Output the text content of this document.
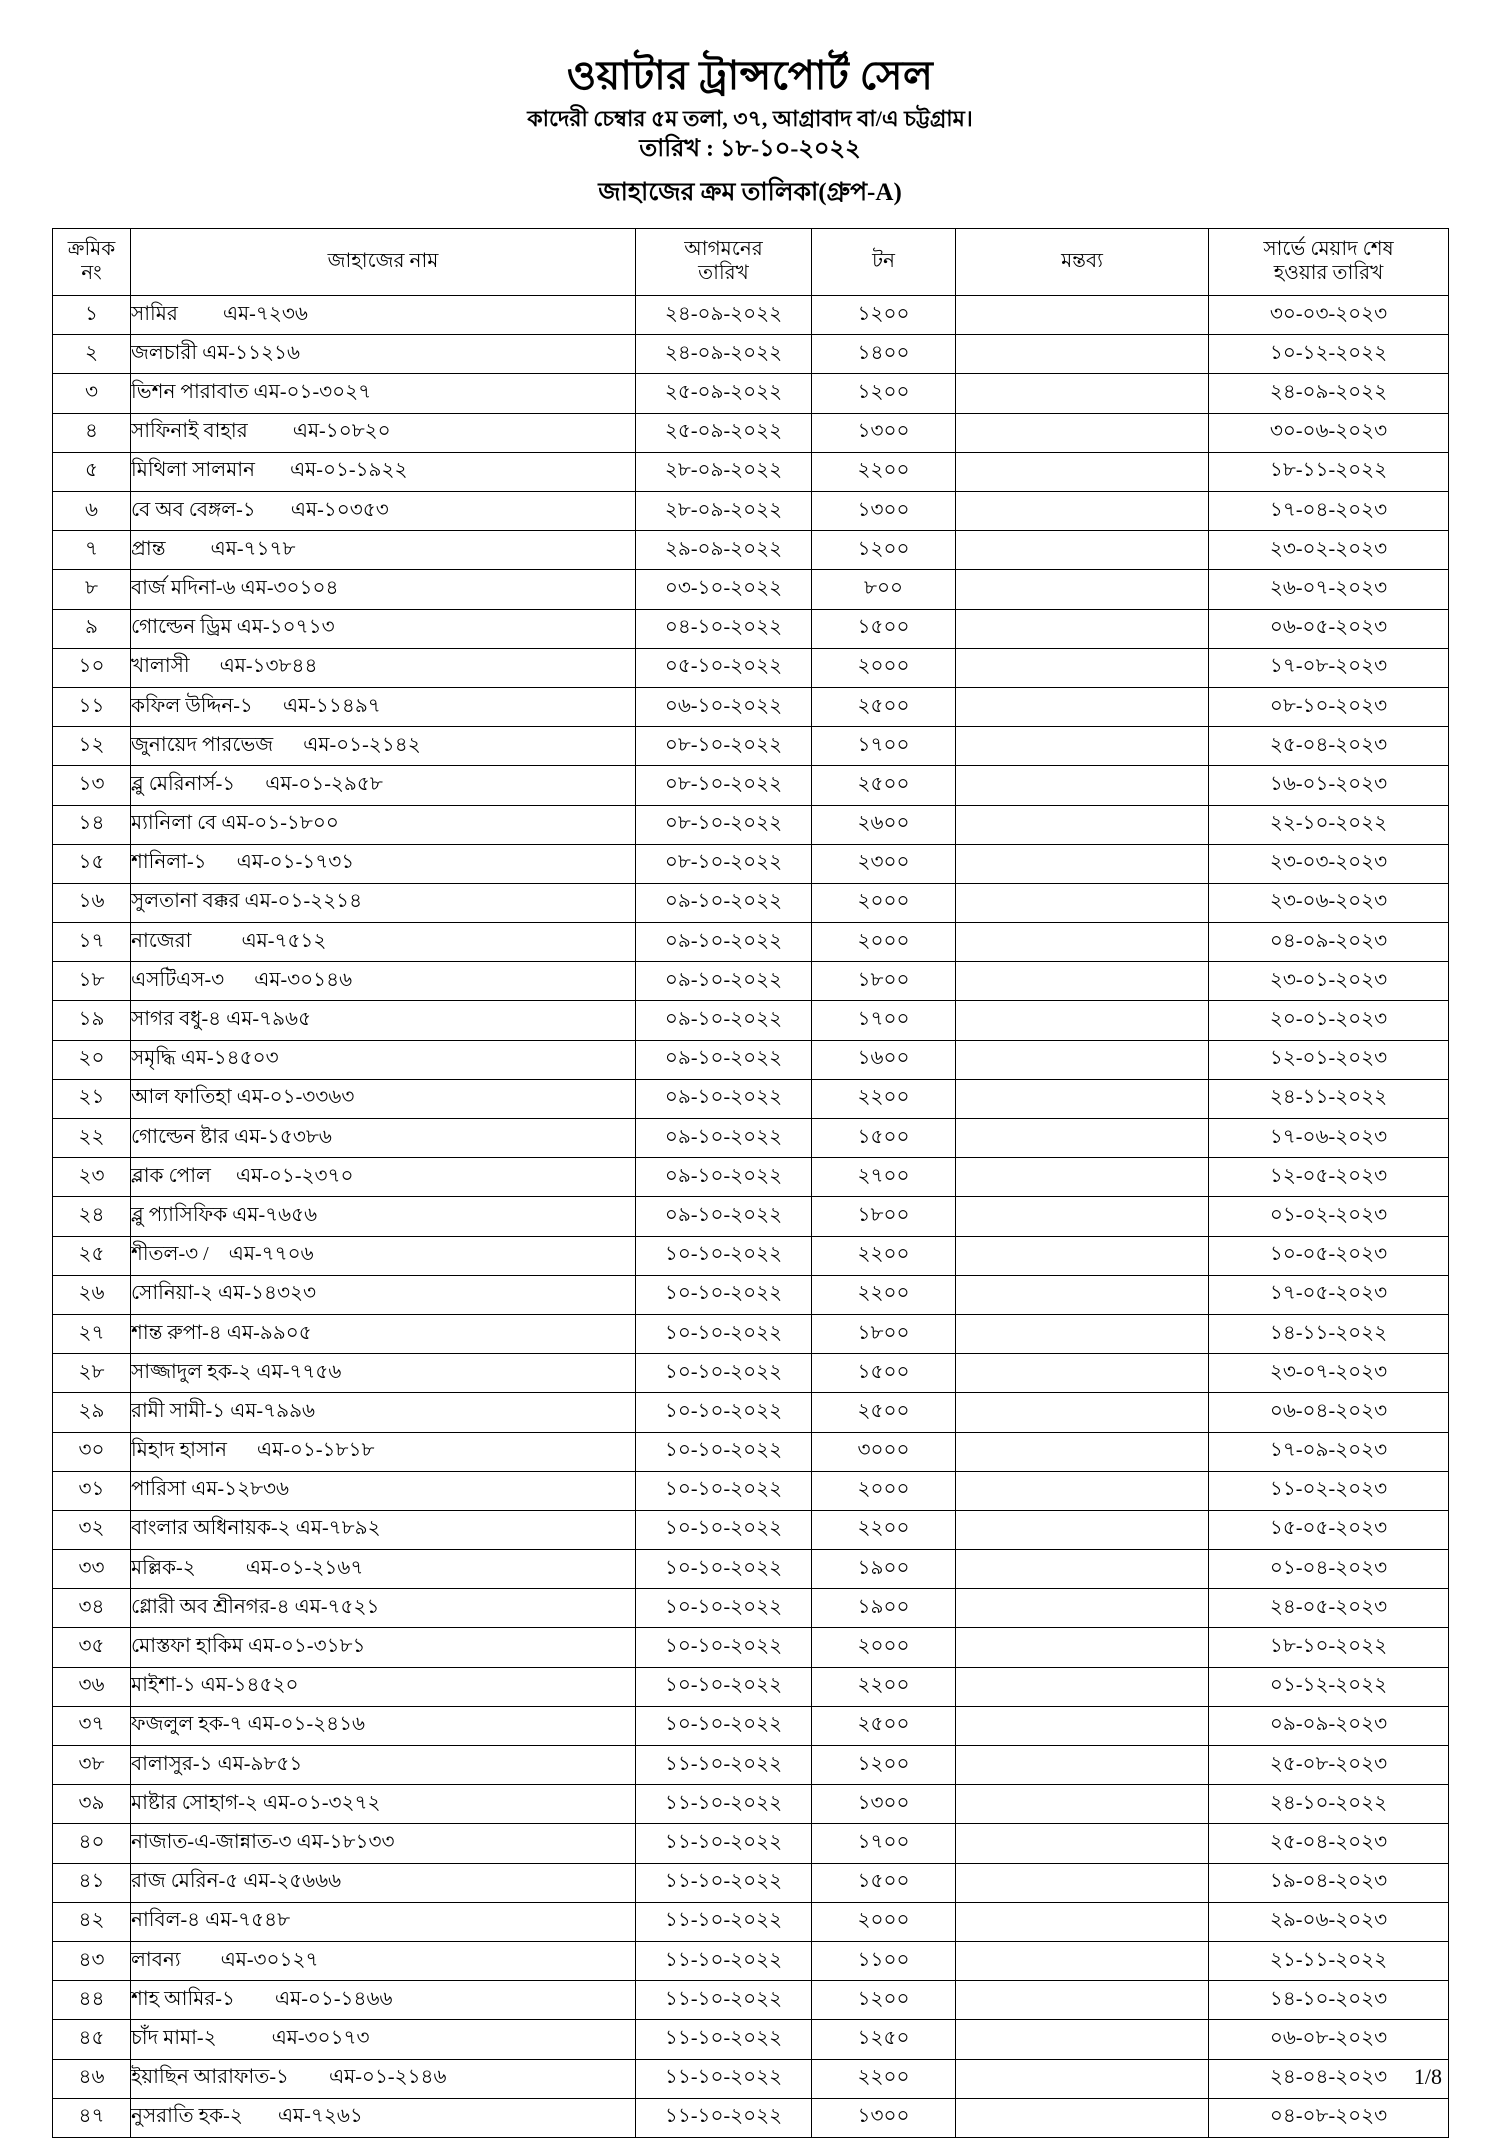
ওয়াটার ট্রান্সপোর্ট সেল
কাদেরী চেম্বার ৫ম তলা, ৩৭, আগ্রাবাদ বা/এ চট্টগ্রাম।
তারিখ : ১৮-১০-২০২২
জাহাজের ক্রম তালিকা(গ্রুপ-A)
ক্রমিক
নং	জাহাজের নাম	আগমনের
তারিখ	টন	মন্তব্য	সার্ভে মেয়াদ শেষ
হওয়ার তারিখ

১	সামির         এম-৭২৩৬	২৪-০৯-২০২২	১২০০		৩০-০৩-২০২৩
২	জলচারী এম-১১২১৬	২৪-০৯-২০২২	১৪০০		১০-১২-২০২২
৩	ভিশন পারাবাত এম-০১-৩০২৭	২৫-০৯-২০২২	১২০০		২৪-০৯-২০২২
৪	সাফিনাই বাহার         এম-১০৮২০	২৫-০৯-২০২২	১৩০০		৩০-০৬-২০২৩
৫	মিথিলা সালমান       এম-০১-১৯২২	২৮-০৯-২০২২	২২০০		১৮-১১-২০২২
৬	বে অব বেঙ্গল-১       এম-১০৩৫৩	২৮-০৯-২০২২	১৩০০		১৭-০৪-২০২৩
৭	প্রান্ত         এম-৭১৭৮	২৯-০৯-২০২২	১২০০		২৩-০২-২০২৩
৮	বার্জ মদিনা-৬ এম-৩০১০৪	০৩-১০-২০২২	৮০০		২৬-০৭-২০২৩
৯	গোল্ডেন ড্রিম এম-১০৭১৩	০৪-১০-২০২২	১৫০০		০৬-০৫-২০২৩
১০	খালাসী      এম-১৩৮৪৪	০৫-১০-২০২২	২০০০		১৭-০৮-২০২৩
১১	কফিল উদ্দিন-১      এম-১১৪৯৭	০৬-১০-২০২২	২৫০০		০৮-১০-২০২৩
১২	জুনায়েদ পারভেজ      এম-০১-২১৪২	০৮-১০-২০২২	১৭০০		২৫-০৪-২০২৩
১৩	ব্লু মেরিনার্স-১      এম-০১-২৯৫৮	০৮-১০-২০২২	২৫০০		১৬-০১-২০২৩
১৪	ম্যানিলা বে এম-০১-১৮০০	০৮-১০-২০২২	২৬০০		২২-১০-২০২২
১৫	শানিলা-১      এম-০১-১৭৩১	০৮-১০-২০২২	২৩০০		২৩-০৩-২০২৩
১৬	সুলতানা বক্কর এম-০১-২২১৪	০৯-১০-২০২২	২০০০		২৩-০৬-২০২৩
১৭	নাজেরা          এম-৭৫১২	০৯-১০-২০২২	২০০০		০৪-০৯-২০২৩
১৮	এসটিএস-৩      এম-৩০১৪৬	০৯-১০-২০২২	১৮০০		২৩-০১-২০২৩
১৯	সাগর বধু-৪ এম-৭৯৬৫	০৯-১০-২০২২	১৭০০		২০-০১-২০২৩
২০	সমৃদ্ধি এম-১৪৫০৩	০৯-১০-২০২২	১৬০০		১২-০১-২০২৩
২১	আল ফাতিহা এম-০১-৩৩৬৩	০৯-১০-২০২২	২২০০		২৪-১১-২০২২
২২	গোল্ডেন ষ্টার এম-১৫৩৮৬	০৯-১০-২০২২	১৫০০		১৭-০৬-২০২৩
২৩	ব্লাক পোল     এম-০১-২৩৭০	০৯-১০-২০২২	২৭০০		১২-০৫-২০২৩
২৪	ব্লু প্যাসিফিক এম-৭৬৫৬	০৯-১০-২০২২	১৮০০		০১-০২-২০২৩
২৫	শীতল-৩ /    এম-৭৭০৬	১০-১০-২০২২	২২০০		১০-০৫-২০২৩
২৬	সোনিয়া-২ এম-১৪৩২৩	১০-১০-২০২২	২২০০		১৭-০৫-২০২৩
২৭	শান্ত রুপা-৪ এম-৯৯০৫	১০-১০-২০২২	১৮০০		১৪-১১-২০২২
২৮	সাজ্জাদুল হক-২ এম-৭৭৫৬	১০-১০-২০২২	১৫০০		২৩-০৭-২০২৩
২৯	রামী সামী-১ এম-৭৯৯৬	১০-১০-২০২২	২৫০০		০৬-০৪-২০২৩
৩০	মিহাদ হাসান      এম-০১-১৮১৮	১০-১০-২০২২	৩০০০		১৭-০৯-২০২৩
৩১	পারিসা এম-১২৮৩৬	১০-১০-২০২২	২০০০		১১-০২-২০২৩
৩২	বাংলার অধিনায়ক-২ এম-৭৮৯২	১০-১০-২০২২	২২০০		১৫-০৫-২০২৩
৩৩	মল্লিক-২          এম-০১-২১৬৭	১০-১০-২০২২	১৯০০		০১-০৪-২০২৩
৩৪	গ্লোরী অব শ্রীনগর-৪ এম-৭৫২১	১০-১০-২০২২	১৯০০		২৪-০৫-২০২৩
৩৫	মোস্তফা হাকিম এম-০১-৩১৮১	১০-১০-২০২২	২০০০		১৮-১০-২০২২
৩৬	মাইশা-১ এম-১৪৫২০	১০-১০-২০২২	২২০০		০১-১২-২০২২
৩৭	ফজলুল হক-৭ এম-০১-২৪১৬	১০-১০-২০২২	২৫০০		০৯-০৯-২০২৩
৩৮	বালাসুর-১ এম-৯৮৫১	১১-১০-২০২২	১২০০		২৫-০৮-২০২৩
৩৯	মাষ্টার সোহাগ-২ এম-০১-৩২৭২	১১-১০-২০২২	১৩০০		২৪-১০-২০২২
৪০	নাজাত-এ-জান্নাত-৩ এম-১৮১৩৩	১১-১০-২০২২	১৭০০		২৫-০৪-২০২৩
৪১	রাজ মেরিন-৫ এম-২৫৬৬৬	১১-১০-২০২২	১৫০০		১৯-০৪-২০২৩
৪২	নাবিল-৪ এম-৭৫৪৮	১১-১০-২০২২	২০০০		২৯-০৬-২০২৩
৪৩	লাবন্য        এম-৩০১২৭	১১-১০-২০২২	১১০০		২১-১১-২০২২
৪৪	শাহ আমির-১        এম-০১-১৪৬৬	১১-১০-২০২২	১২০০		১৪-১০-২০২৩
৪৫	চাঁদ মামা-২           এম-৩০১৭৩	১১-১০-২০২২	১২৫০		০৬-০৮-২০২৩
৪৬	ইয়াছিন আরাফাত-১        এম-০১-২১৪৬	১১-১০-২০২২	২২০০		২৪-০৪-২০২৩
৪৭	নুসরাতি হক-২       এম-৭২৬১	১১-১০-২০২২	১৩০০		০৪-০৮-২০২৩
1/8
